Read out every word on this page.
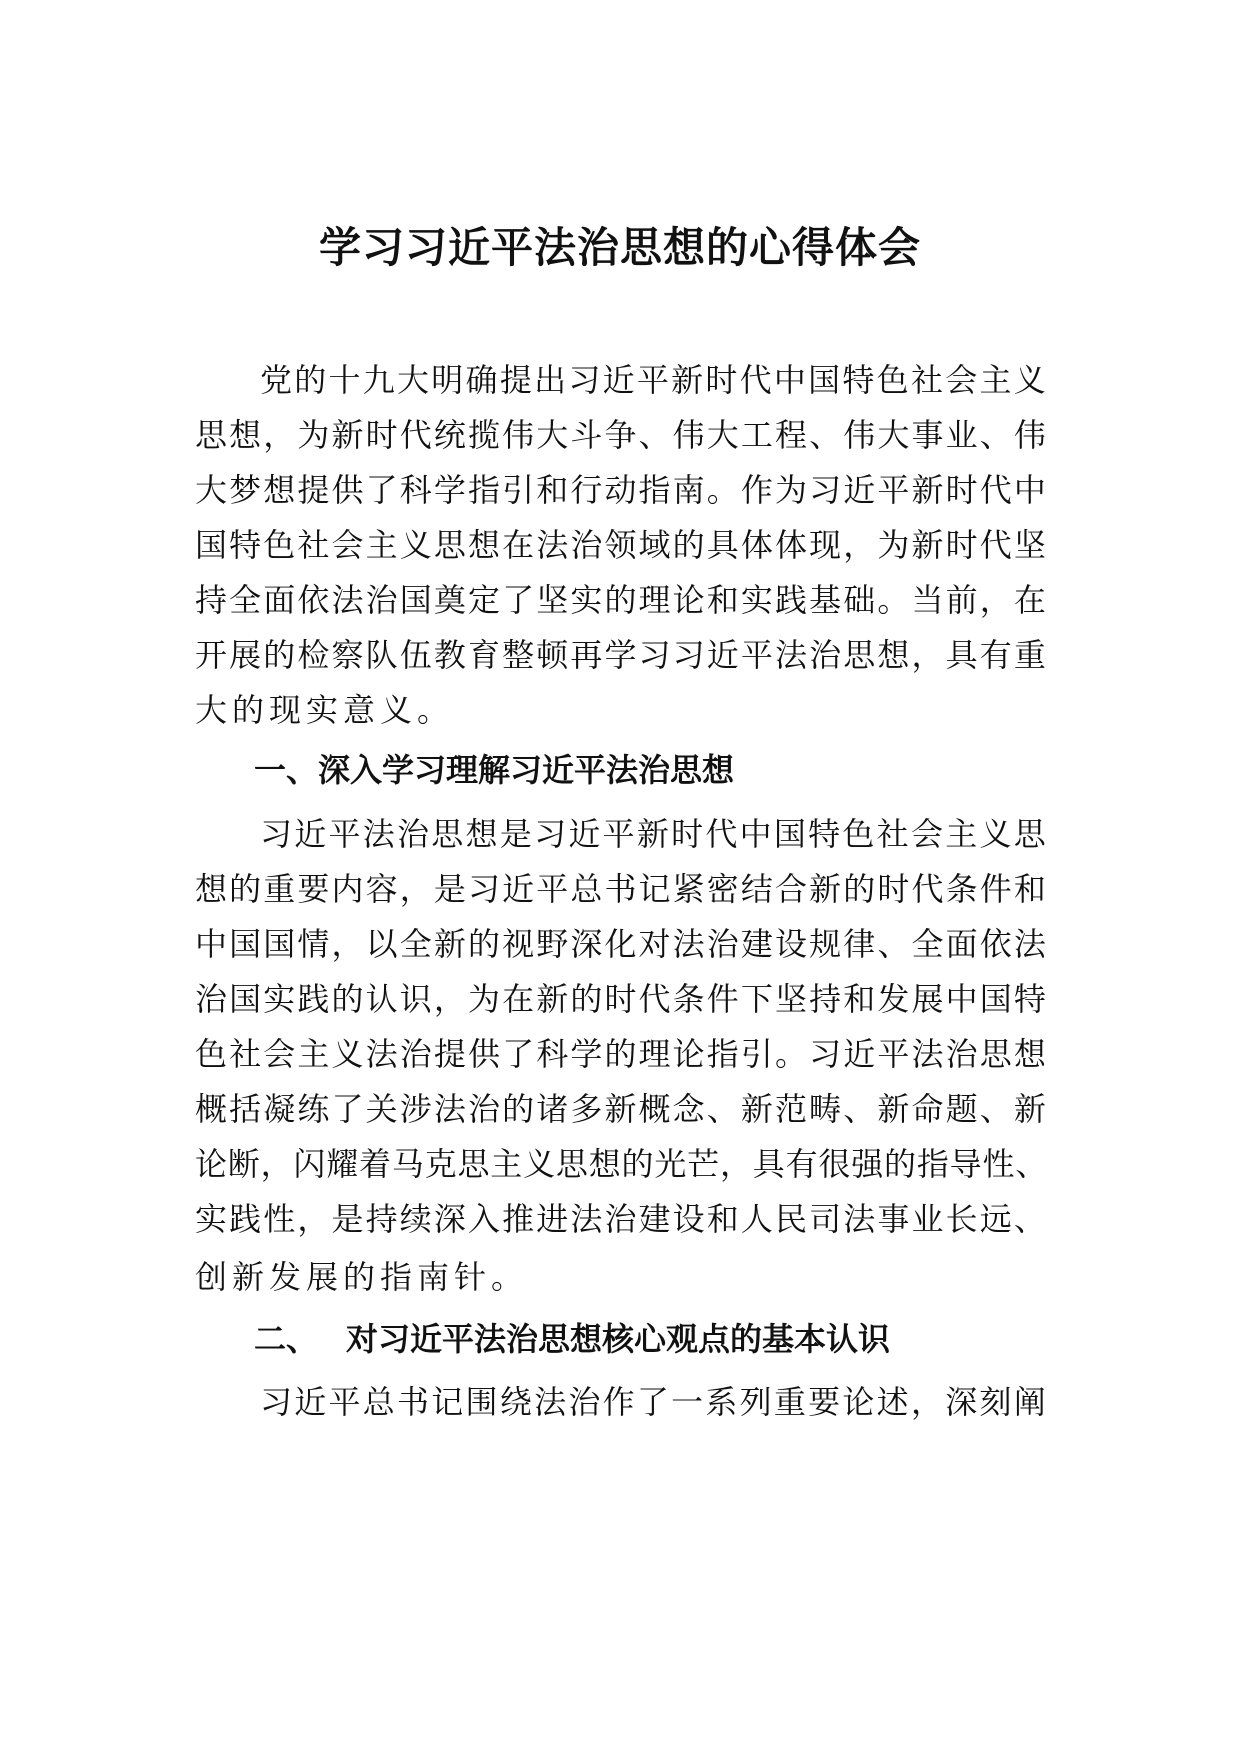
学习习近平法治思想的心得体会

党的十九大明确提出习近平新时代中国特色社会主义

思想，为新时代统揽伟大斗争、伟大工程、伟大事业、伟

大梦想提供了科学指引和行动指南。作为习近平新时代中

国特色社会主义思想在法治领域的具体体现，为新时代坚

持全面依法治国奠定了坚实的理论和实践基础。当前，在

开展的检察队伍教育整顿再学习习近平法治思想，具有重

大的现实意义。

一、深入学习理解习近平法治思想

习近平法治思想是习近平新时代中国特色社会主义思

想的重要内容，是习近平总书记紧密结合新的时代条件和

中国国情，以全新的视野深化对法治建设规律、全面依法

治国实践的认识，为在新的时代条件下坚持和发展中国特

色社会主义法治提供了科学的理论指引。习近平法治思想

概括凝练了关涉法治的诸多新概念、新范畴、新命题、新

论断，闪耀着马克思主义思想的光芒，具有很强的指导性、

实践性，是持续深入推进法治建设和人民司法事业长远、

创新发展的指南针。

二、 对习近平法治思想核心观点的基本认识

习近平总书记围绕法治作了一系列重要论述，深刻阐
